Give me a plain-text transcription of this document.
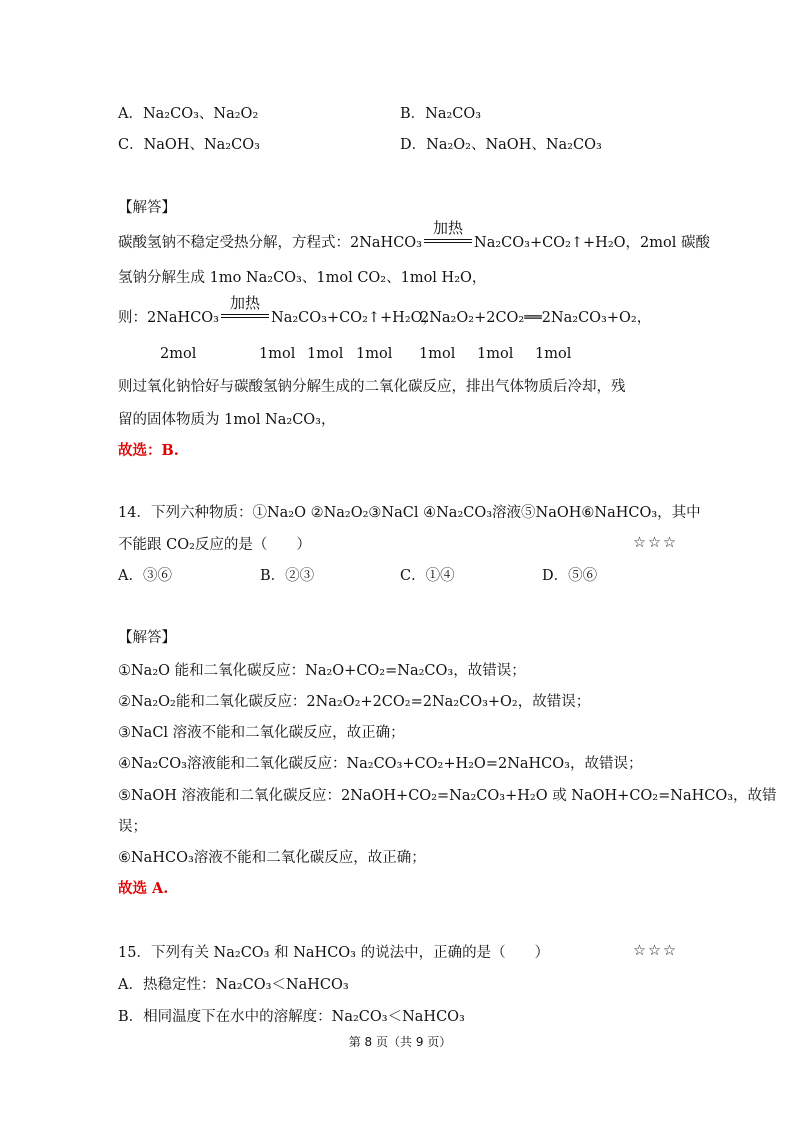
A．Na₂CO₃、Na₂O₂	B．Na₂CO₃
C．NaOH、Na₂CO₃	D．Na₂O₂、NaOH、Na₂CO₃
【解答】
碳酸氢钠不稳定受热分解，方程式：2NaHCO₃
加热
Na₂CO₃+CO₂↑+H₂O，2mol 碳酸
氢钠分解生成 1mo Na₂CO₃、1mol CO₂、1mol H₂O，
则：2NaHCO₃
加热
Na₂CO₃+CO₂↑+H₂O，
2Na₂O₂+2CO₂══2Na₂CO₃+O₂，
2mol	1mol 1mol 1mol 1mol 1mol 1mol
则过氧化钠恰好与碳酸氢钠分解生成的二氧化碳反应，排出气体物质后冷却，残
留的固体物质为 1mol Na₂CO₃，
故选：B.
14．下列六种物质：①Na₂O ②Na₂O₂③NaCl ④Na₂CO₃溶液⑤NaOH⑥NaHCO₃，其中
不能跟 CO₂反应的是（　　）	☆☆☆
A．③⑥	B．②③	C．①④	D．⑤⑥
【解答】
①Na₂O 能和二氧化碳反应：Na₂O+CO₂=Na₂CO₃，故错误；
②Na₂O₂能和二氧化碳反应：2Na₂O₂+2CO₂=2Na₂CO₃+O₂，故错误；
③NaCl 溶液不能和二氧化碳反应，故正确；
④Na₂CO₃溶液能和二氧化碳反应：Na₂CO₃+CO₂+H₂O=2NaHCO₃，故错误；
⑤NaOH 溶液能和二氧化碳反应：2NaOH+CO₂=Na₂CO₃+H₂O 或 NaOH+CO₂=NaHCO₃，故错
误；
⑥NaHCO₃溶液不能和二氧化碳反应，故正确；
故选 A.
15．下列有关 Na₂CO₃ 和 NaHCO₃ 的说法中，正确的是（　　）	☆☆☆
A．热稳定性：Na₂CO₃＜NaHCO₃
B．相同温度下在水中的溶解度：Na₂CO₃＜NaHCO₃
第 8 页（共 9 页）
